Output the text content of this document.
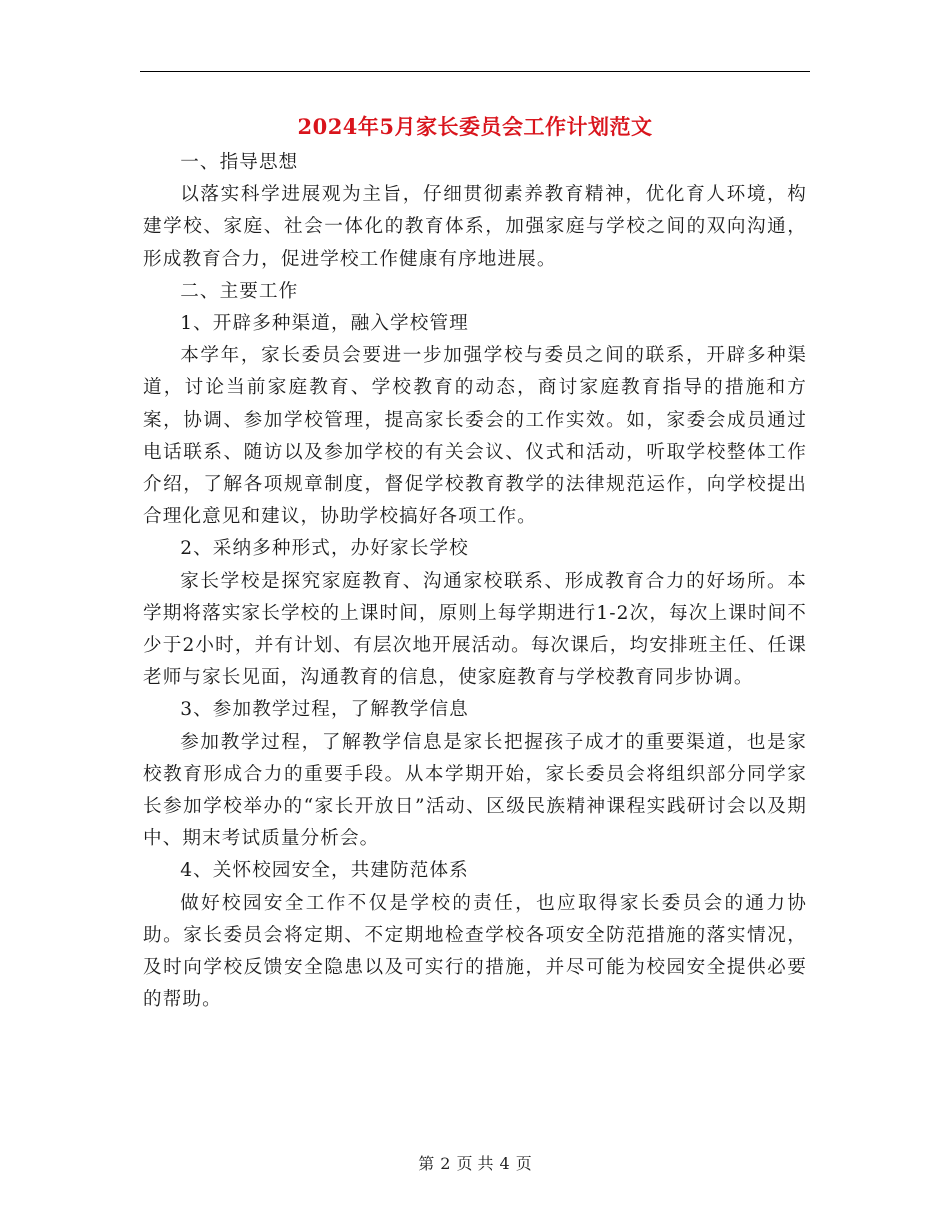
2024年5月家长委员会工作计划范文

一、指导思想

以落实科学进展观为主旨，仔细贯彻素养教育精神，优化育人环境，构建学校、家庭、社会一体化的教育体系，加强家庭与学校之间的双向沟通，形成教育合力，促进学校工作健康有序地进展。

二、主要工作

1、开辟多种渠道，融入学校管理

本学年，家长委员会要进一步加强学校与委员之间的联系，开辟多种渠道，讨论当前家庭教育、学校教育的动态，商讨家庭教育指导的措施和方案，协调、参加学校管理，提高家长委会的工作实效。如，家委会成员通过电话联系、随访以及参加学校的有关会议、仪式和活动，听取学校整体工作介绍，了解各项规章制度，督促学校教育教学的法律规范运作，向学校提出合理化意见和建议，协助学校搞好各项工作。

2、采纳多种形式，办好家长学校

家长学校是探究家庭教育、沟通家校联系、形成教育合力的好场所。本学期将落实家长学校的上课时间，原则上每学期进行1-2次，每次上课时间不少于2小时，并有计划、有层次地开展活动。每次课后，均安排班主任、任课老师与家长见面，沟通教育的信息，使家庭教育与学校教育同步协调。

3、参加教学过程，了解教学信息

参加教学过程，了解教学信息是家长把握孩子成才的重要渠道，也是家校教育形成合力的重要手段。从本学期开始，家长委员会将组织部分同学家长参加学校举办的“家长开放日”活动、区级民族精神课程实践研讨会以及期中、期末考试质量分析会。

4、关怀校园安全，共建防范体系

做好校园安全工作不仅是学校的责任，也应取得家长委员会的通力协助。家长委员会将定期、不定期地检查学校各项安全防范措施的落实情况，及时向学校反馈安全隐患以及可实行的措施，并尽可能为校园安全提供必要的帮助。

第 2 页 共 4 页
